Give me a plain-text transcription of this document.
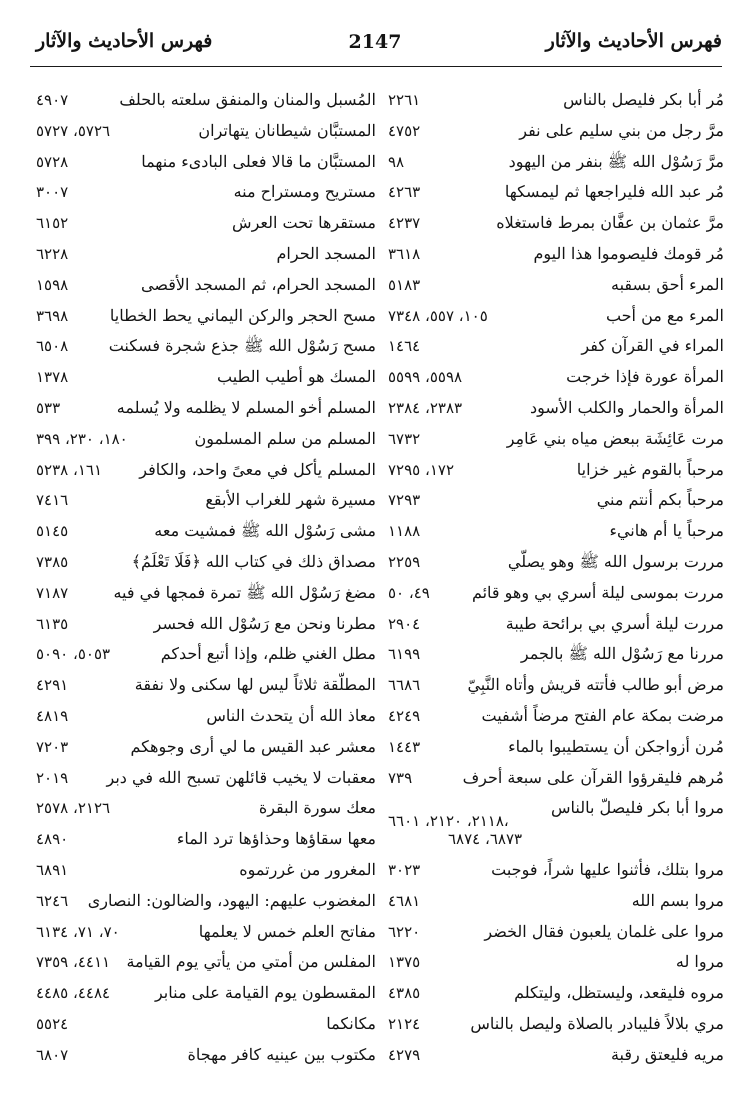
فهرس الأحاديث والآثار
2147
فهرس الأحاديث والآثار
مُر أبا بكر فليصل بالناس
٢٢٦١
مرَّ رجل من بني سليم على نفر
٤٧٥٢
مرَّ رَسُوْل الله ﷺ بنفر من اليهود
٩٨
مُر عبد الله فليراجعها ثم ليمسكها
٤٢٦٣
مرَّ عثمان بن عفَّان بمرط فاستغلاه
٤٢٣٧
مُر قومك فليصوموا هذا اليوم
٣٦١٨
المرء أحق بسقبه
٥١٨٣
المرء مع من أحب
١٠٥، ٥٥٧، ٧٣٤٨
المراء في القرآن كفر
١٤٦٤
المرأة عورة فإذا خرجت
٥٥٩٨، ٥٥٩٩
المرأة والحمار والكلب الأسود
٢٣٨٣، ٢٣٨٤
مرت عَائِشَة ببعض مياه بني عَامِر
٦٧٣٢
مرحباً بالقوم غير خزايا
١٧٢، ٧٢٩٥
مرحباً بكم أنتم مني
٧٢٩٣
مرحباً يا أم هانيء
١١٨٨
مررت برسول الله ﷺ وهو يصلّي
٢٢٥٩
مررت بموسى ليلة أسري بي وهو قائم
٤٩، ٥٠
مررت ليلة أسري بي برائحة طيبة
٢٩٠٤
مررنا مع رَسُوْل الله ﷺ بالجمر
٦١٩٩
مرض أبو طالب فأتته قريش وأتاه النَّبِيّ
٦٦٨٦
مرضت بمكة عام الفتح مرضاً أشفيت
٤٢٤٩
مُرن أزواجكن أن يستطيبوا بالماء
١٤٤٣
مُرهم فليقرؤوا القرآن على سبعة أحرف
٧٣٩
مروا أبا بكر فليصلّ بالناس
٢١١٨، ٢١٢٠، ٦٦٠١،
٦٨٧٣، ٦٨٧٤
مروا بتلك، فأثنوا عليها شراً، فوجبت
٣٠٢٣
مروا بسم الله
٤٦٨١
مروا على غلمان يلعبون فقال الخضر
٦٢٢٠
مروا له
١٣٧٥
مروه فليقعد، وليستظل، وليتكلم
٤٣٨٥
مري بلالاً فليبادر بالصلاة وليصل بالناس
٢١٢٤
مريه فليعتق رقبة
٤٢٧٩
المُسبل والمنان والمنفق سلعته بالحلف
٤٩٠٧
المستبَّان شيطانان يتهاتران
٥٧٢٦، ٥٧٢٧
المستبَّان ما قالا فعلى البادىء منهما
٥٧٢٨
مستريح ومستراح منه
٣٠٠٧
مستقرها تحت العرش
٦١٥٢
المسجد الحرام
٦٢٢٨
المسجد الحرام، ثم المسجد الأقصى
١٥٩٨
مسح الحجر والركن اليماني يحط الخطايا
٣٦٩٨
مسح رَسُوْل الله ﷺ جذع شجرة فسكنت
٦٥٠٨
المسك هو أطيب الطيب
١٣٧٨
المسلم أخو المسلم لا يظلمه ولا يُسلمه
٥٣٣
المسلم من سلم المسلمون
١٨٠، ٢٣٠، ٣٩٩
المسلم يأكل في معىً واحد، والكافر
١٦١، ٥٢٣٨
مسيرة شهر للغراب الأبقع
٧٤١٦
مشى رَسُوْل الله ﷺ فمشيت معه
٥١٤٥
مصداق ذلك في كتاب الله ﴿فَلَا تَعْلَمُ﴾
٧٣٨٥
مضغ رَسُوْل الله ﷺ تمرة فمجها في فيه
٧١٨٧
مطرنا ونحن مع رَسُوْل الله فحسر
٦١٣٥
مطل الغني ظلم، وإذا أتبع أحدكم
٥٠٥٣، ٥٠٩٠
المطلّقة ثلاثاً ليس لها سكنى ولا نفقة
٤٢٩١
معاذ الله أن يتحدث الناس
٤٨١٩
معشر عبد القيس ما لي أرى وجوهكم
٧٢٠٣
معقبات لا يخيب قائلهن تسبح الله في دبر
٢٠١٩
معك سورة البقرة
٢١٢٦، ٢٥٧٨
معها سقاؤها وحذاؤها ترد الماء
٤٨٩٠
المغرور من غررتموه
٦٨٩١
المغضوب عليهم: اليهود، والضالون: النصارى
٦٢٤٦
مفاتح العلم خمس لا يعلمها
٧٠، ٧١، ٦١٣٤
المفلس من أمتي من يأتي يوم القيامة
٤٤١١، ٧٣٥٩
المقسطون يوم القيامة على منابر
٤٤٨٤، ٤٤٨٥
مكانكما
٥٥٢٤
مكتوب بين عينيه كافر مهجاة
٦٨٠٧
